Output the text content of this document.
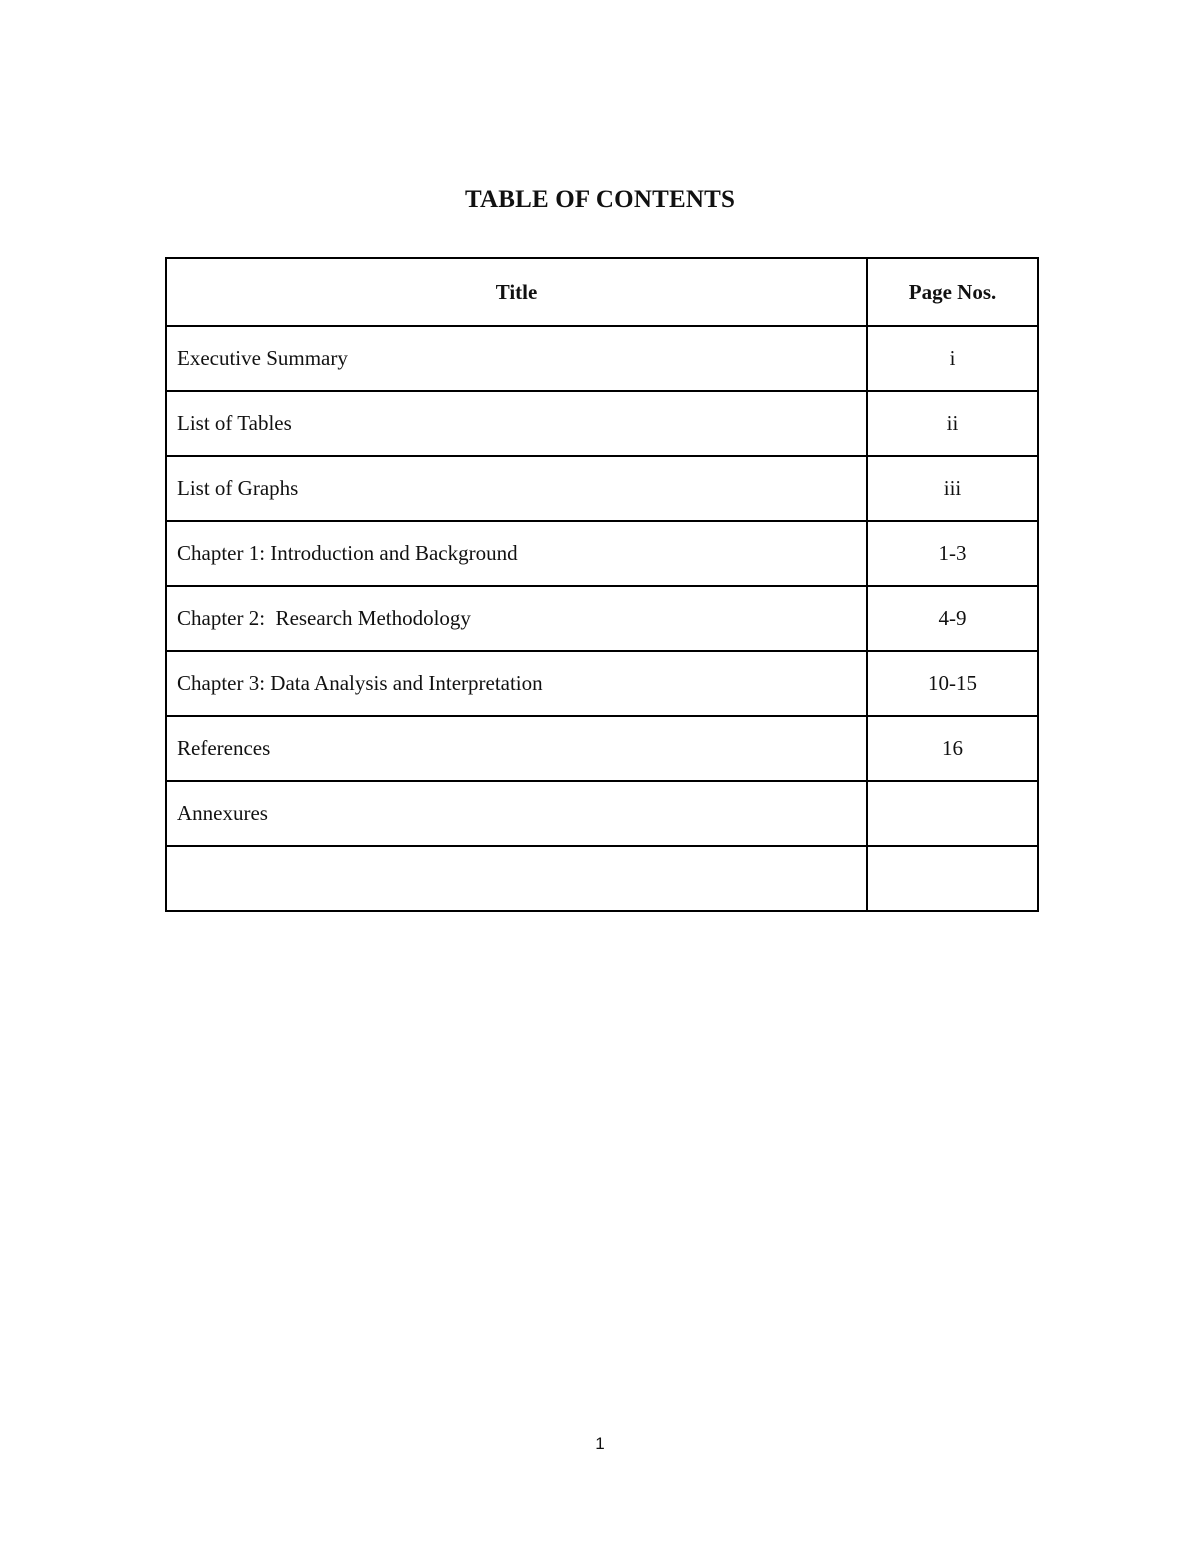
TABLE OF CONTENTS
Title	Page Nos.
Executive Summary	i
List of Tables	ii
List of Graphs	iii
Chapter 1: Introduction and Background	1-3
Chapter 2:  Research Methodology	4-9
Chapter 3: Data Analysis and Interpretation	10-15
References	16
Annexures	

1
